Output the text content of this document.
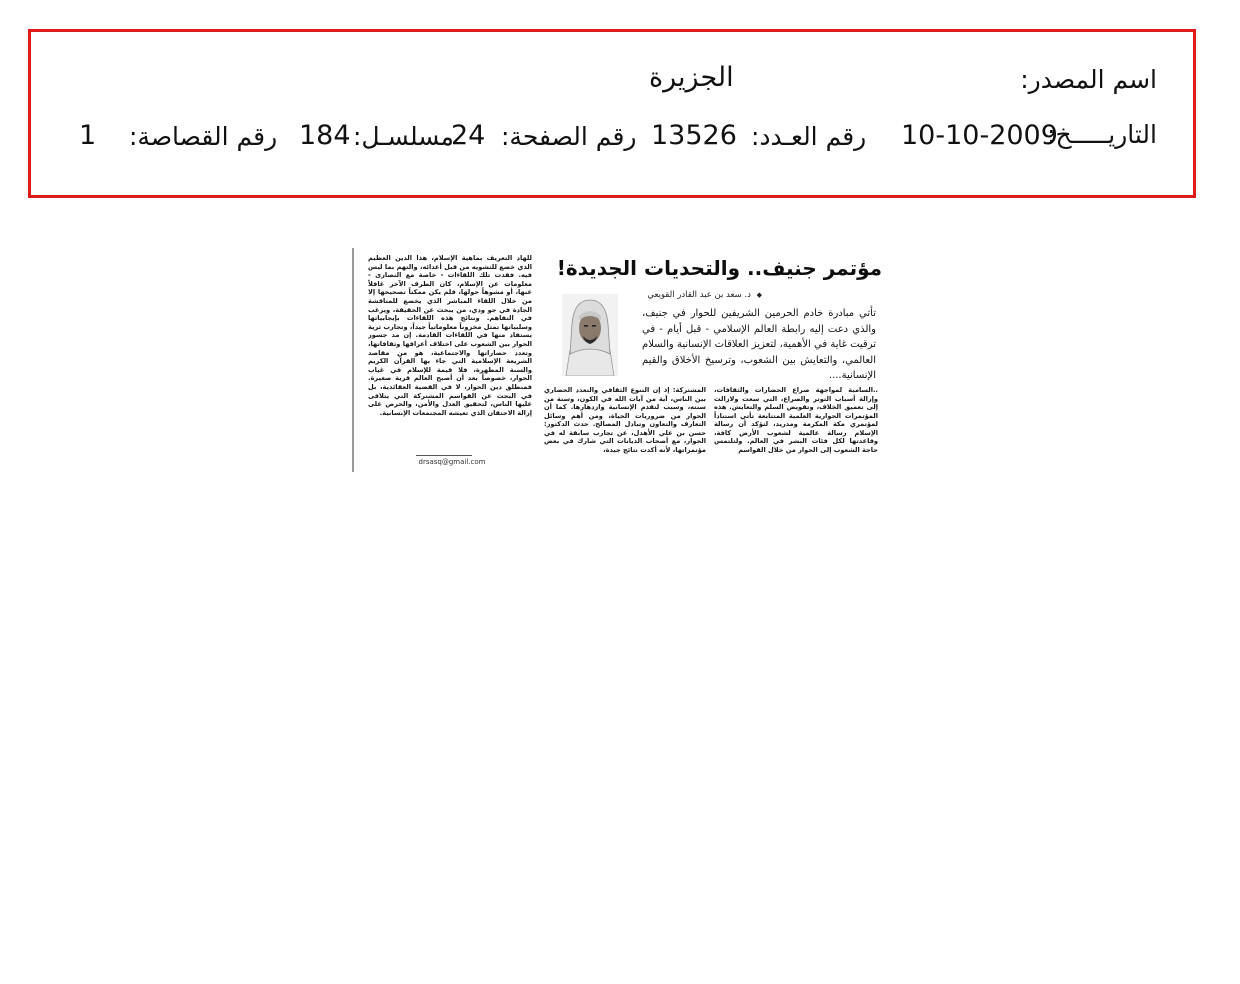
اسم المصدر:
الجزيرة
التاريـــــخ:
10-10-2009
رقم العـدد:
13526
رقم الصفحة:
24
مسلسـل:
184
رقم القصاصة:
1
مؤتمر جنيف.. والتحديات الجديدة!
◆ د. سعد بن عبد القادر القويعي
تأتي مبادرة خادم الحرمين الشريفين للحوار في جنيف، والذي دعت إليه رابطة العالم الإسلامي - قبل أيام - في ترقيت غاية في الأهمية، لتعزيز العلاقات الإنسانية والسلام العالمي، والتعايش بين الشعوب، وترسيخ الأخلاق والقيم الإنسانية....
..السامية لمواجهة صراع الحضارات والثقافات، وإزالة أسباب التوتر والصراع، التي سعت ولازالت إلى تعميق الخلاف، وتقويض السلم والتعايش. هذه المؤتمرات الحوارية العلمية المتتابعة تأتي استناداً لمؤتمري مكة المكرمة ومدريد، لتؤكد أن رسالة الإسلام رسالة عالمية لشعوب الأرض كافة، وقاعدتها لكل فئات البشر في العالم. ولتلتمس حاجة الشعوب إلى الحوار من خلال القواسم
المشتركة: إذ إن التنوع الثقافي والتعدد الحضاري بين الناس، آية من آيات الله في الكون، وسنة من سننه، وسبب لتقدم الإنسانية وازدهارها. كما أن الحوار من ضروريات الحياة، ومن أهم وسائل التعارف والتعاون وتبادل المصالح. حدث الدكتور: حسن بن علي الأهدل، عن تجارب سابقة له في الحوار، مع أصحاب الديانات التي شارك في بعض مؤتمراتها، لأنه أكدت نتائج جيدة،
للهاد التعريف بماهية الإسلام، هذا الدين العظيم الذي خضع للتشويه من قبل أعدائه، والتهم بما ليس فيه. فقدت تلك اللقاءات - خاصة مع النصارى - معلومات عن الإسلام، كان الطرف الآخر غافلاً عنها، أو مشوهاً حولها، فلم يكن ممكناً تصحيحها إلا من خلال اللقاء المباشر الذي يخضع للمناقشة الجادة في جو ودي، من يبحث عن الحقيقة، ويرغب في التفاهم. ونتائج هذه اللقاءات بإيجابياتها وسلبياتها تمثل مخزوناً معلوماتياً جيداً، وتجارب ثرية يستفاد منها في اللقاءات القادمة. إن مد جسور الحوار بين الشعوب على اختلاف أعراقها وثقافاتها، وتعدد حضاراتها والاجتماعية، هو من مقاصد الشريعة الإسلامية التي جاء بها القرآن الكريم والسنة المطهرة، فلا قيمة للإسلام في غياب الحوار، خصوصاً بعد أن أصبح العالم قرية صغيرة. فمنطلق دين الحوار، لا في القضية العقائدية، بل في البحث عن القواسم المشتركة التي يتلاقى عليها الناس، لتحقيق العدل والأمن، والحرص على إزالة الاحتقان الذي تعيشه المجتمعات الإنسانية.
drsasq@gmail.com
